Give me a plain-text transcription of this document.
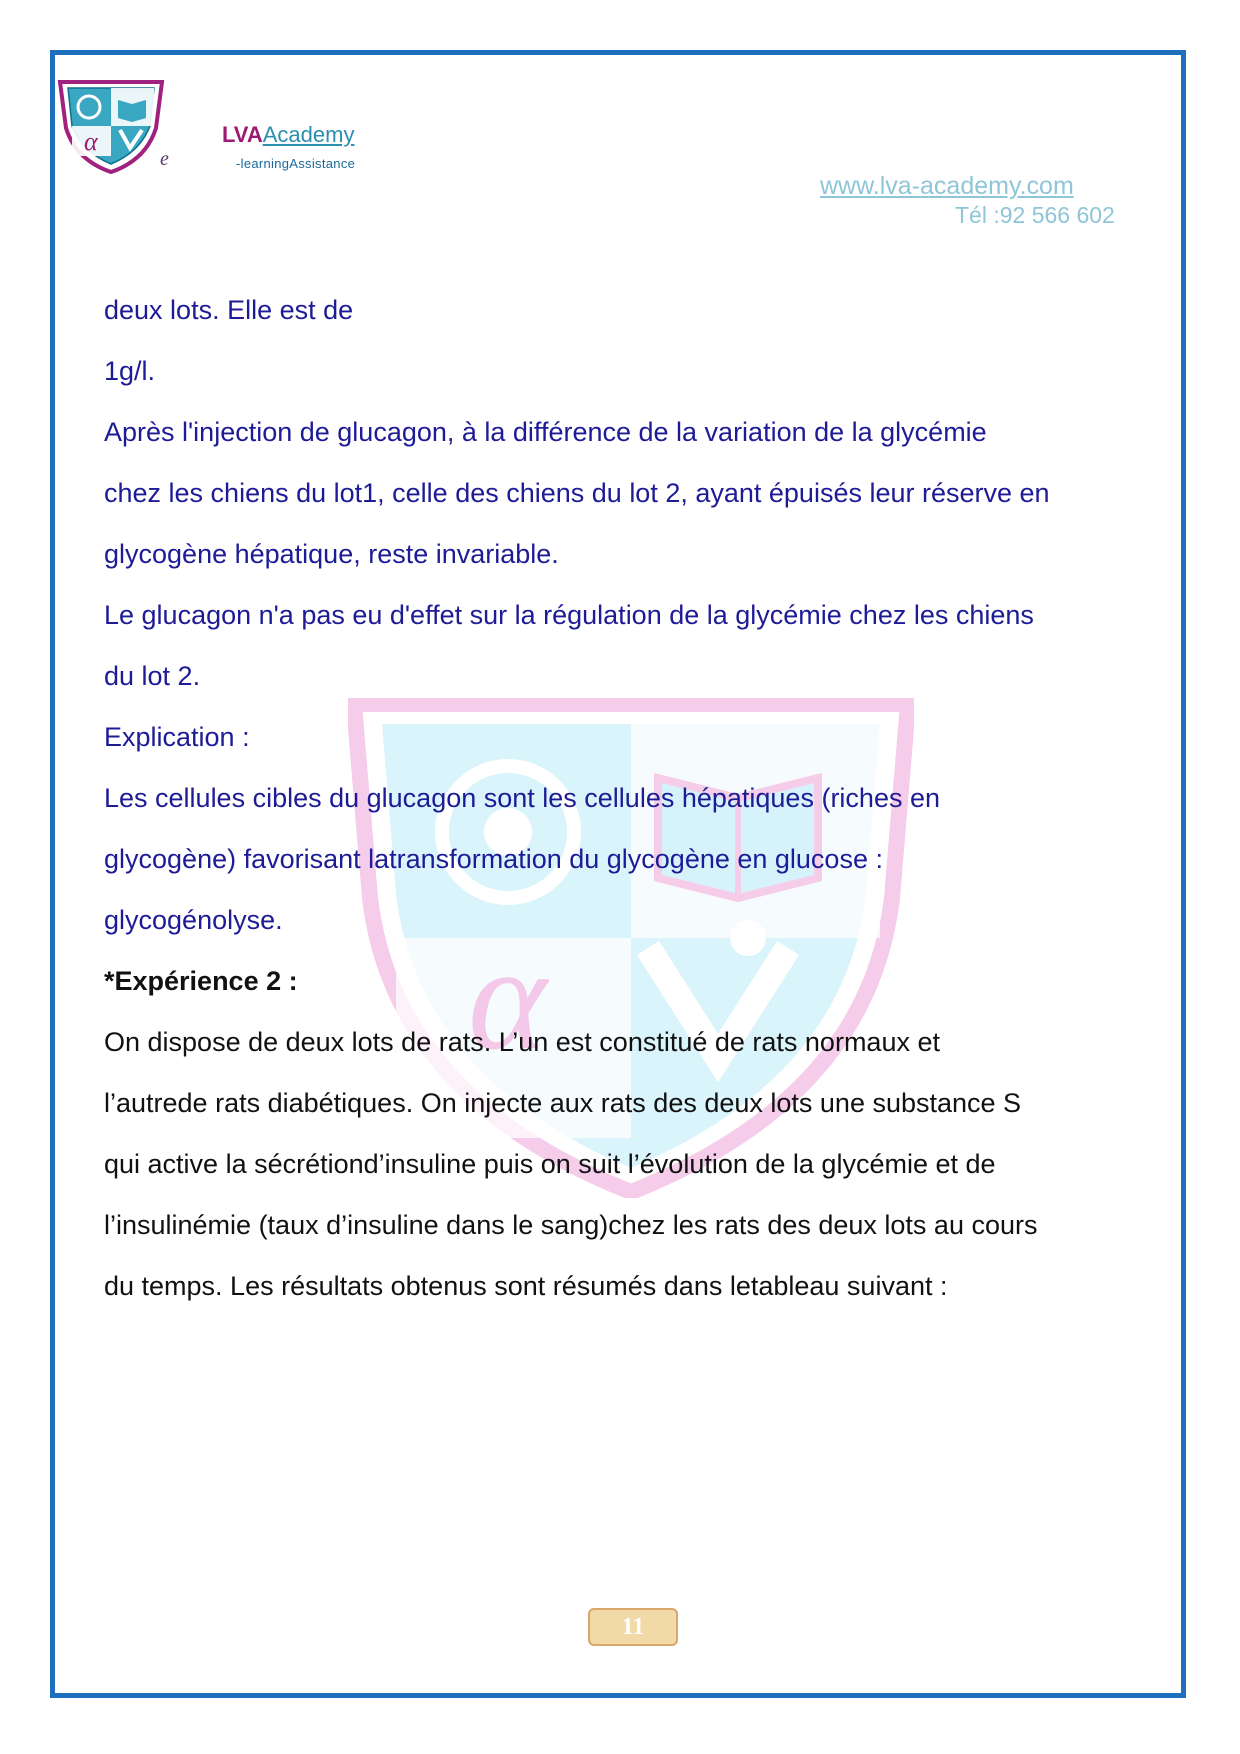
α
e
LVAAcademy
-learningAssistance
www.lva-academy.com
Tél :92 566 602
α
deux lots. Elle est de
1g/l.
Après l'injection de glucagon, à la différence de la variation de la glycémie
chez les chiens du lot1, celle des chiens du lot 2, ayant épuisés leur réserve en
glycogène hépatique, reste invariable.
Le glucagon n'a pas eu d'effet sur la régulation de la glycémie chez les chiens
du lot 2.
Explication :
Les cellules cibles du glucagon sont les cellules hépatiques (riches en
glycogène) favorisant latransformation du glycogène en glucose :
glycogénolyse.
*Expérience 2 :
On dispose de deux lots de rats. L’un est constitué de rats normaux et
l’autrede rats diabétiques. On injecte aux rats des deux lots une substance S
qui active la sécrétiond’insuline puis on suit l’évolution de la glycémie et de
l’insulinémie (taux d’insuline dans le sang)chez les rats des deux lots au cours
du temps. Les résultats obtenus sont résumés dans letableau suivant :
11
